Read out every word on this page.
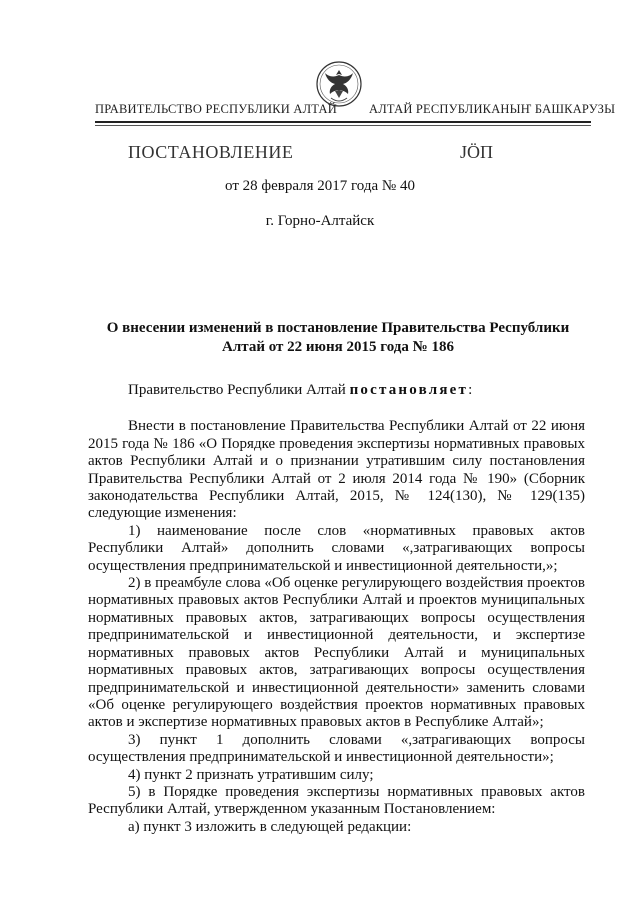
ПРАВИТЕЛЬСТВО РЕСПУБЛИКИ АЛТАЙ	АЛТАЙ РЕСПУБЛИКАНЫҤ БАШКАРУЗЫ
ПОСТАНОВЛЕНИЕ	ЈӦП
от 28 февраля 2017 года № 40
г. Горно-Алтайск
О внесении изменений в постановление Правительства Республики Алтай от 22 июня 2015 года № 186

Правительство Республики Алтай постановляет:

Внести в постановление Правительства Республики Алтай от 22 июня 2015 года № 186 «О Порядке проведения экспертизы нормативных правовых актов Республики Алтай и о признании утратившим силу постановления Правительства Республики Алтай от 2 июля 2014 года № 190» (Сборник законодательства Республики Алтай, 2015, № 124(130), № 129(135) следующие изменения:

1) наименование после слов «нормативных правовых актов Республики Алтай» дополнить словами «,затрагивающих вопросы осуществления предпринимательской и инвестиционной деятельности,»;

2) в преамбуле слова «Об оценке регулирующего воздействия проектов нормативных правовых актов Республики Алтай и проектов муниципальных нормативных правовых актов, затрагивающих вопросы осуществления предпринимательской и инвестиционной деятельности, и экспертизе нормативных правовых актов Республики Алтай и муниципальных нормативных правовых актов, затрагивающих вопросы осуществления предпринимательской и инвестиционной деятельности» заменить словами «Об оценке регулирующего воздействия проектов нормативных правовых актов и экспертизе нормативных правовых актов в Республике Алтай»;

3) пункт 1 дополнить словами «,затрагивающих вопросы осуществления предпринимательской и инвестиционной деятельности»;

4) пункт 2 признать утратившим силу;

5) в Порядке проведения экспертизы нормативных правовых актов Республики Алтай, утвержденном указанным Постановлением:

а) пункт 3 изложить в следующей редакции:
